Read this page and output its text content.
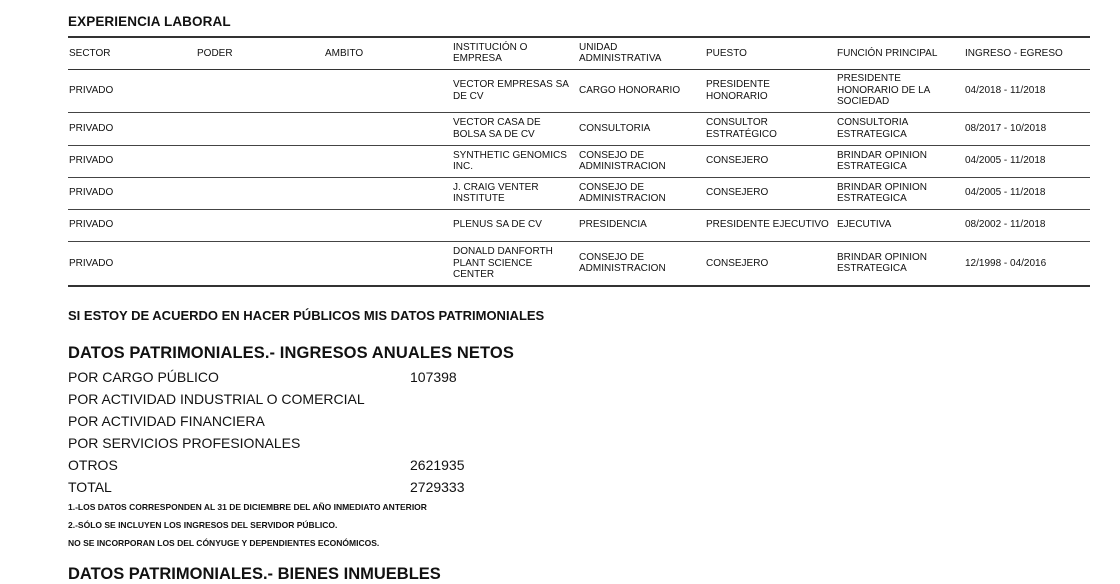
EXPERIENCIA LABORAL
SECTOR	PODER	AMBITO	INSTITUCIÓN O EMPRESA	UNIDAD ADMINISTRATIVA	PUESTO	FUNCIÓN PRINCIPAL	INGRESO - EGRESO
PRIVADO			VECTOR EMPRESAS SA DE CV	CARGO HONORARIO	PRESIDENTE HONORARIO	PRESIDENTE HONORARIO DE LA SOCIEDAD	04/2018 - 11/2018
PRIVADO			VECTOR CASA DE BOLSA SA DE CV	CONSULTORIA	CONSULTOR ESTRATÉGICO	CONSULTORIA ESTRATEGICA	08/2017 - 10/2018
PRIVADO			SYNTHETIC GENOMICS INC.	CONSEJO DE ADMINISTRACION	CONSEJERO	BRINDAR OPINION ESTRATEGICA	04/2005 - 11/2018
PRIVADO			J. CRAIG VENTER INSTITUTE	CONSEJO DE ADMINISTRACION	CONSEJERO	BRINDAR OPINION ESTRATEGICA	04/2005 - 11/2018
PRIVADO			PLENUS SA DE CV	PRESIDENCIA	PRESIDENTE EJECUTIVO	EJECUTIVA	08/2002 - 11/2018
PRIVADO			DONALD DANFORTH PLANT SCIENCE CENTER	CONSEJO DE ADMINISTRACION	CONSEJERO	BRINDAR OPINION ESTRATEGICA	12/1998 - 04/2016
SI ESTOY DE ACUERDO EN HACER PÚBLICOS MIS DATOS PATRIMONIALES
DATOS PATRIMONIALES.- INGRESOS ANUALES NETOS
POR CARGO PÚBLICO	107398
POR ACTIVIDAD INDUSTRIAL O COMERCIAL
POR ACTIVIDAD FINANCIERA
POR SERVICIOS PROFESIONALES
OTROS	2621935
TOTAL	2729333
1.-LOS DATOS CORRESPONDEN AL 31 DE DICIEMBRE DEL AÑO INMEDIATO ANTERIOR
2.-SÓLO SE INCLUYEN LOS INGRESOS DEL SERVIDOR PÚBLICO.
NO SE INCORPORAN LOS DEL CÓNYUGE Y DEPENDIENTES ECONÓMICOS.
DATOS PATRIMONIALES.- BIENES INMUEBLES
